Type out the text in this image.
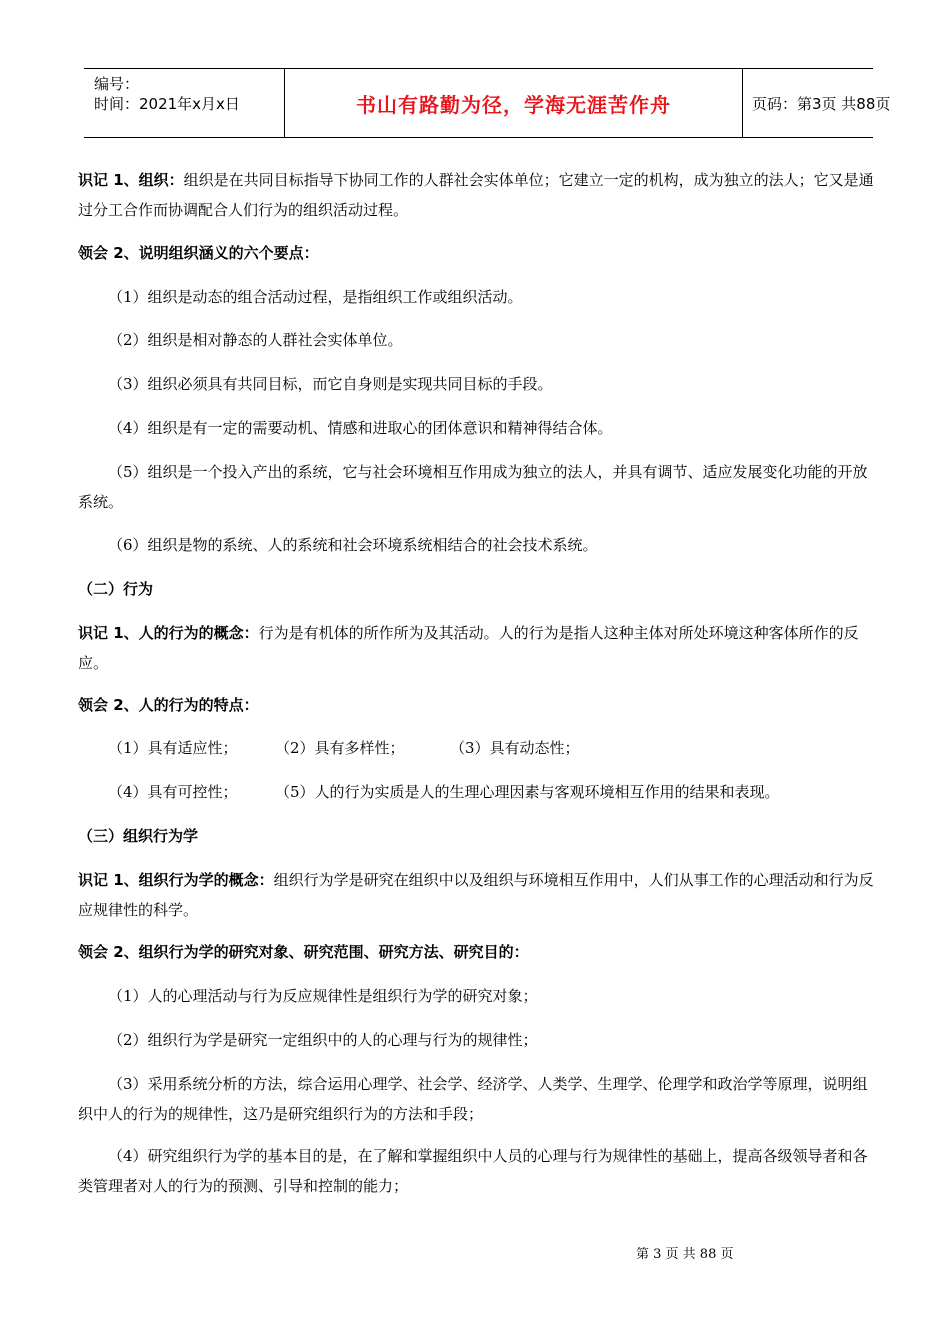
编号：
时间：2021年x月x日	书山有路勤为径，学海无涯苦作舟	页码：第3页 共88页

识记 1、组织：组织是在共同目标指导下协同工作的人群社会实体单位；它建立一定的机构，成为独立的法人；它又是通过分工合作而协调配合人们行为的组织活动过程。

领会 2、说明组织涵义的六个要点：

（1）组织是动态的组合活动过程，是指组织工作或组织活动。

（2）组织是相对静态的人群社会实体单位。

（3）组织必须具有共同目标，而它自身则是实现共同目标的手段。

（4）组织是有一定的需要动机、情感和进取心的团体意识和精神得结合体。

（5）组织是一个投入产出的系统，它与社会环境相互作用成为独立的法人，并具有调节、适应发展变化功能的开放系统。

（6）组织是物的系统、人的系统和社会环境系统相结合的社会技术系统。

（二）行为

识记 1、人的行为的概念：行为是有机体的所作所为及其活动。人的行为是指人这种主体对所处环境这种客体所作的反应。

领会 2、人的行为的特点：

（1）具有适应性； （2）具有多样性；	（3）具有动态性；
（4）具有可控性； （5）人的行为实质是人的生理心理因素与客观环境相互作用的结果和表现。

（三）组织行为学

识记 1、组织行为学的概念：组织行为学是研究在组织中以及组织与环境相互作用中，人们从事工作的心理活动和行为反应规律性的科学。

领会 2、组织行为学的研究对象、研究范围、研究方法、研究目的：

（1）人的心理活动与行为反应规律性是组织行为学的研究对象；

（2）组织行为学是研究一定组织中的人的心理与行为的规律性；

（3）采用系统分析的方法，综合运用心理学、社会学、经济学、人类学、生理学、伦理学和政治学等原理，说明组织中人的行为的规律性，这乃是研究组织行为的方法和手段；

（4）研究组织行为学的基本目的是，在了解和掌握组织中人员的心理与行为规律性的基础上，提高各级领导者和各类管理者对人的行为的预测、引导和控制的能力；

第 3 页 共 88 页
